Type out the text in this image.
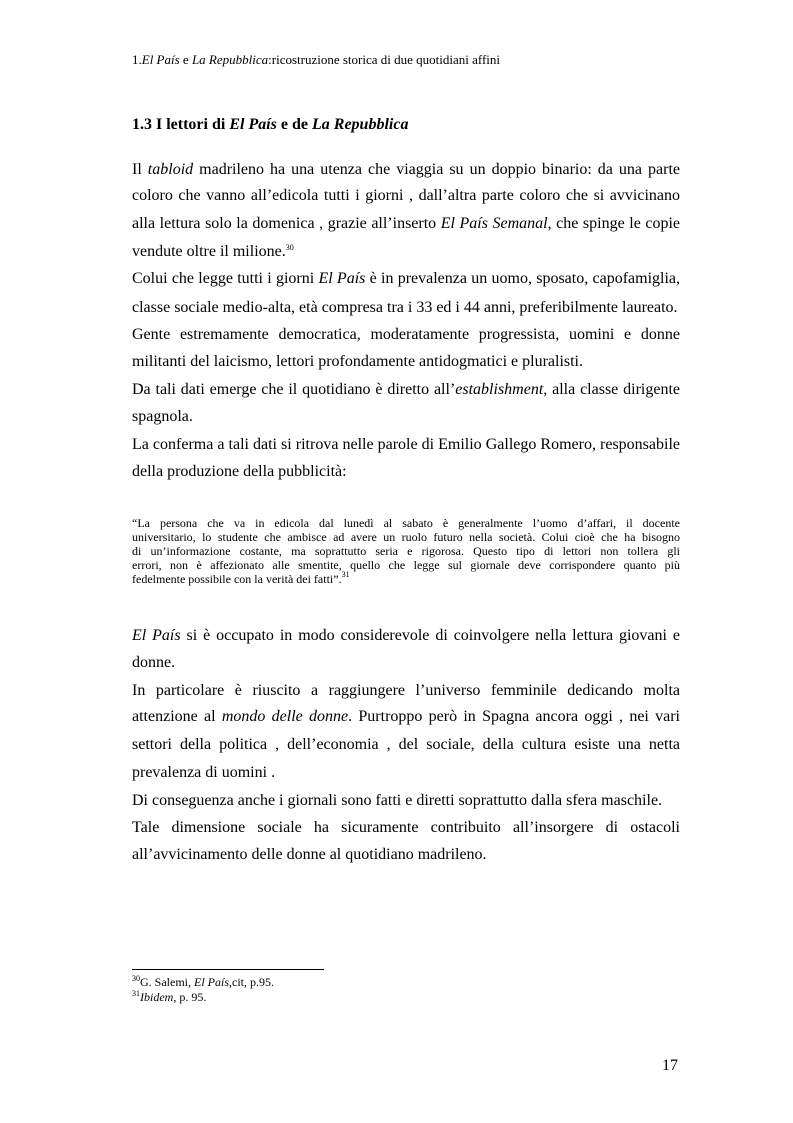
1.El País e La Repubblica:ricostruzione storica di due quotidiani affini
1.3 I lettori di El País e de La Repubblica
Il tabloid madrileno ha una utenza che viaggia su un doppio binario: da una parte
coloro che vanno all’edicola tutti i giorni , dall’altra parte coloro che si avvicinano
alla lettura solo la domenica , grazie all’inserto El País Semanal, che spinge le copie
vendute oltre il milione.$^{30}$
Colui che legge tutti i giorni El País è in prevalenza un uomo, sposato, capofamiglia,
classe sociale medio-alta, età compresa tra i 33 ed i 44 anni, preferibilmente laureato.
Gente estremamente democratica, moderatamente progressista, uomini e donne
militanti del laicismo, lettori profondamente antidogmatici e pluralisti.
Da tali dati emerge che il quotidiano è diretto all’establishment, alla classe dirigente
spagnola.
La conferma a tali dati si ritrova nelle parole di Emilio Gallego Romero, responsabile
della produzione della pubblicità:
“La persona che va in edicola dal lunedì al sabato è generalmente l’uomo d’affari, il docente
universitario, lo studente che ambisce ad avere un ruolo futuro nella società. Colui cioè che ha bisogno
di un’informazione costante, ma soprattutto seria e rigorosa. Questo tipo di lettori non tollera gli
errori, non è affezionato alle smentite, quello che legge sul giornale deve corrispondere quanto più
fedelmente possibile con la verità dei fatti”.$^{31}$
El País si è occupato in modo considerevole di coinvolgere nella lettura giovani e
donne.
In particolare è riuscito a raggiungere l’universo femminile dedicando molta
attenzione al mondo delle donne. Purtroppo però in Spagna ancora oggi , nei vari
settori della politica , dell’economia , del sociale, della cultura esiste una netta
prevalenza di uomini .
Di conseguenza anche i giornali sono fatti e diretti soprattutto dalla sfera maschile.
Tale dimensione sociale ha sicuramente contribuito all’insorgere di ostacoli
all’avvicinamento delle donne al quotidiano madrileno.
$^{30}$G. Salemi, El País,cit, p.95.
$^{31}$Ibidem, p. 95.
17
